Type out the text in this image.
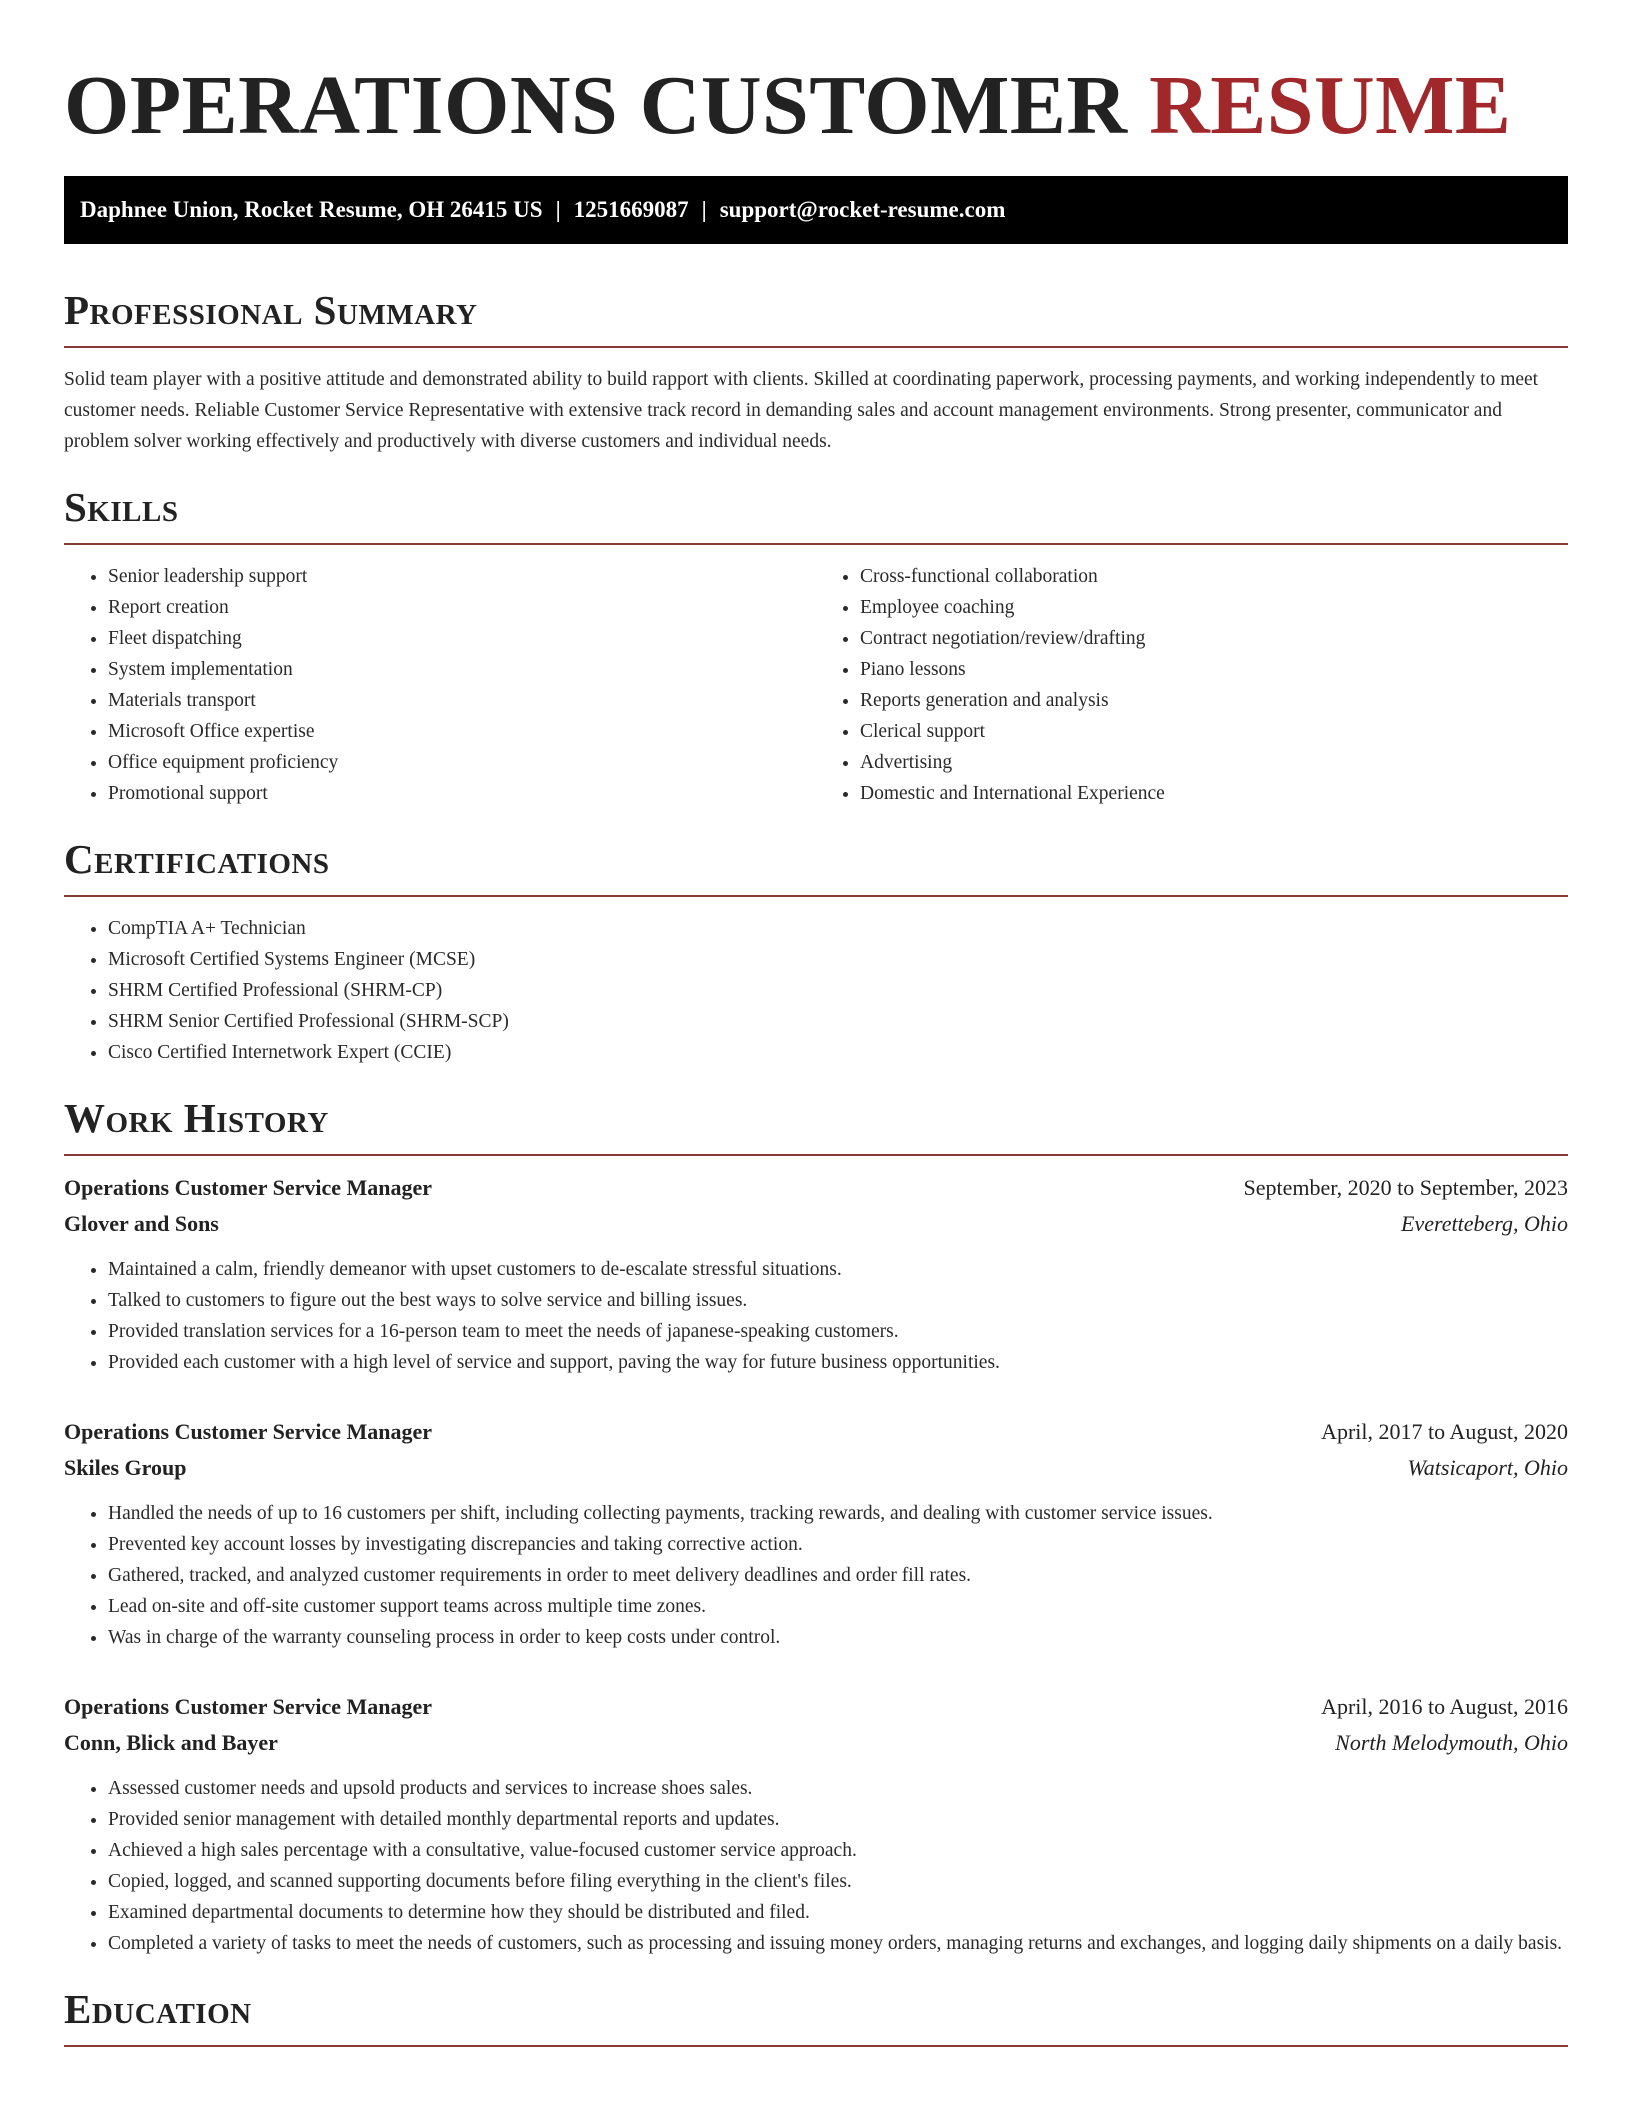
OPERATIONS CUSTOMER RESUME
Daphnee Union, Rocket Resume, OH 26415 US | 1251669087 | support@rocket-resume.com
Professional Summary

Solid team player with a positive attitude and demonstrated ability to build rapport with clients. Skilled at coordinating paperwork, processing payments, and working independently to meet customer needs. Reliable Customer Service Representative with extensive track record in demanding sales and account management environments. Strong presenter, communicator and problem solver working effectively and productively with diverse customers and individual needs.

Skills
• Senior leadership support
• Report creation
• Fleet dispatching
• System implementation
• Materials transport
• Microsoft Office expertise
• Office equipment proficiency
• Promotional support
• Cross-functional collaboration
• Employee coaching
• Contract negotiation/review/drafting
• Piano lessons
• Reports generation and analysis
• Clerical support
• Advertising
• Domestic and International Experience
Certifications
• CompTIA A+ Technician
• Microsoft Certified Systems Engineer (MCSE)
• SHRM Certified Professional (SHRM-CP)
• SHRM Senior Certified Professional (SHRM-SCP)
• Cisco Certified Internetwork Expert (CCIE)
Work History
Operations Customer Service Manager	September, 2020 to September, 2023
Glover and Sons	Everetteberg, Ohio
• Maintained a calm, friendly demeanor with upset customers to de-escalate stressful situations.
• Talked to customers to figure out the best ways to solve service and billing issues.
• Provided translation services for a 16-person team to meet the needs of japanese-speaking customers.
• Provided each customer with a high level of service and support, paving the way for future business opportunities.
Operations Customer Service Manager	April, 2017 to August, 2020
Skiles Group	Watsicaport, Ohio
• Handled the needs of up to 16 customers per shift, including collecting payments, tracking rewards, and dealing with customer service issues.
• Prevented key account losses by investigating discrepancies and taking corrective action.
• Gathered, tracked, and analyzed customer requirements in order to meet delivery deadlines and order fill rates.
• Lead on-site and off-site customer support teams across multiple time zones.
• Was in charge of the warranty counseling process in order to keep costs under control.
Operations Customer Service Manager	April, 2016 to August, 2016
Conn, Blick and Bayer	North Melodymouth, Ohio
• Assessed customer needs and upsold products and services to increase shoes sales.
• Provided senior management with detailed monthly departmental reports and updates.
• Achieved a high sales percentage with a consultative, value-focused customer service approach.
• Copied, logged, and scanned supporting documents before filing everything in the client's files.
• Examined departmental documents to determine how they should be distributed and filed.
• Completed a variety of tasks to meet the needs of customers, such as processing and issuing money orders, managing returns and exchanges, and logging daily shipments on a daily basis.
Education
